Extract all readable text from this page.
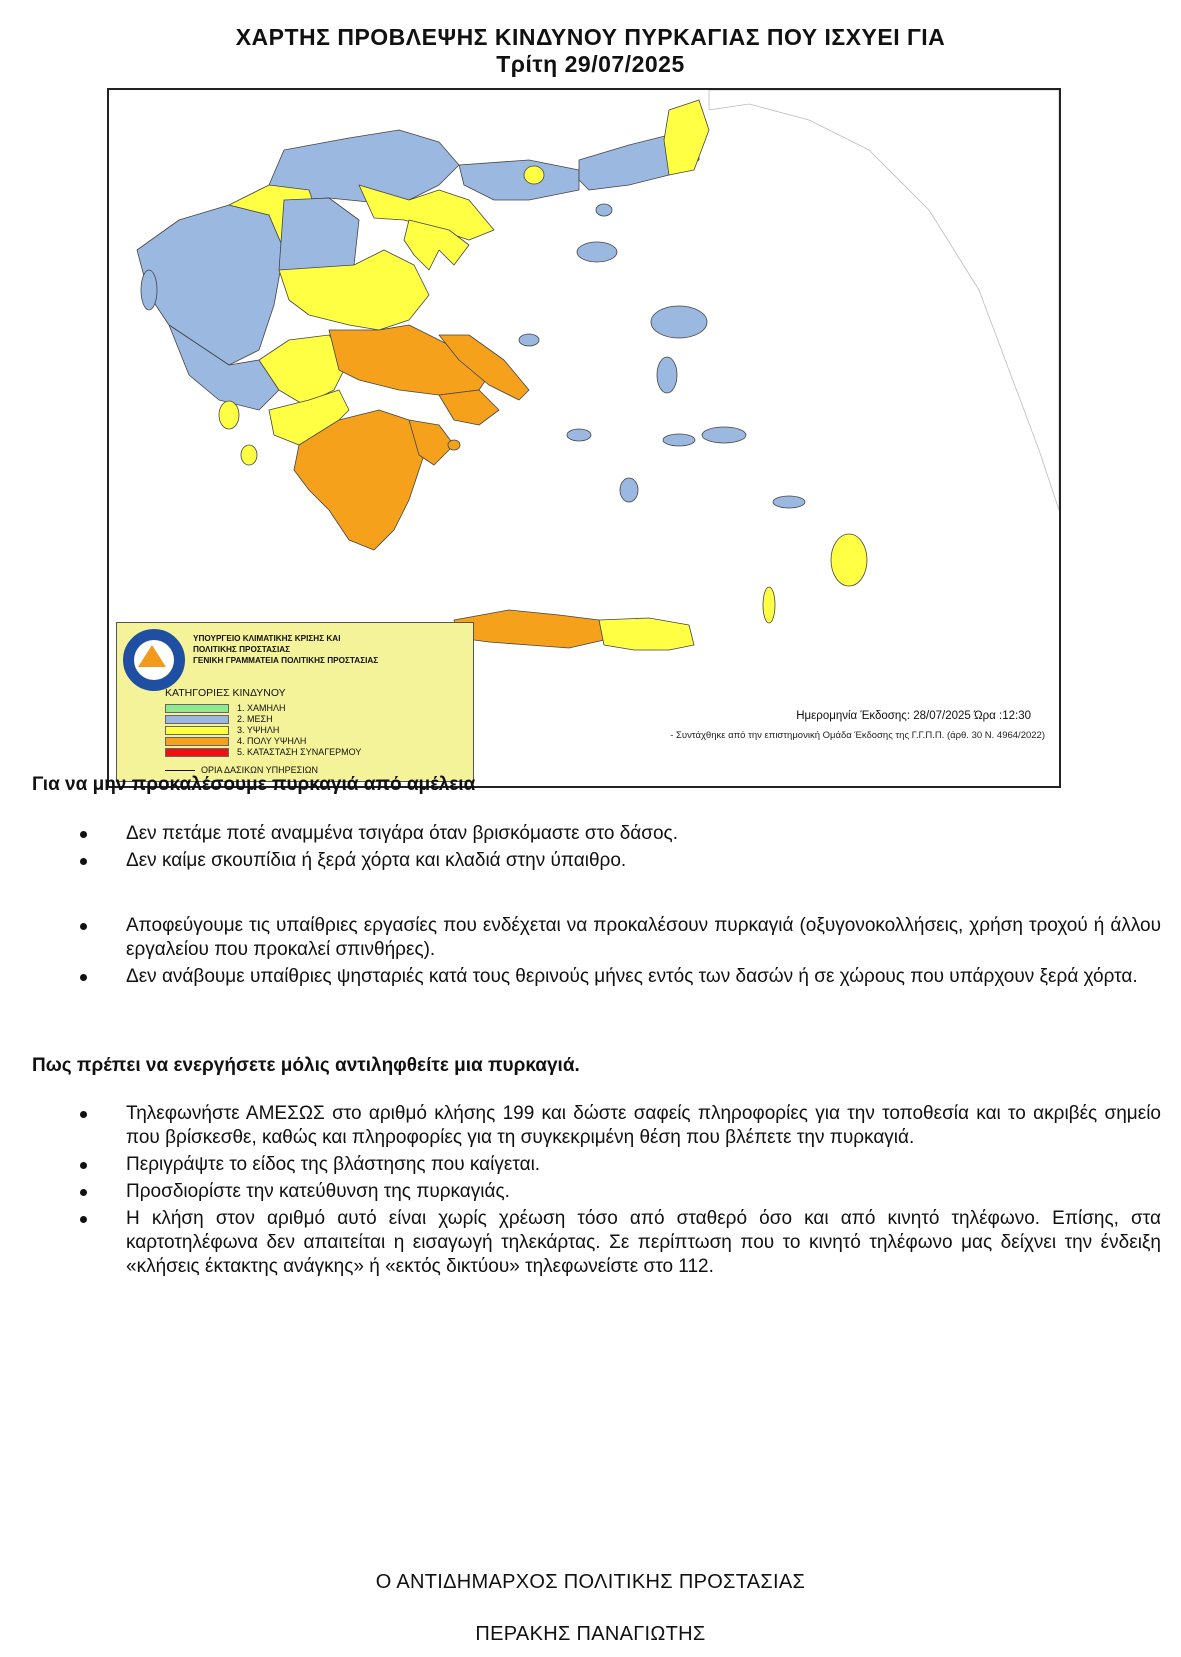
ΧΑΡΤΗΣ ΠΡΟΒΛΕΨΗΣ ΚΙΝΔΥΝΟΥ ΠΥΡΚΑΓΙΑΣ ΠΟΥ ΙΣΧΥΕΙ ΓΙΑ
Τρίτη 29/07/2025
ΥΠΟΥΡΓΕΙΟ ΚΛΙΜΑΤΙΚΗΣ ΚΡΙΣΗΣ ΚΑΙ
ΠΟΛΙΤΙΚΗΣ ΠΡΟΣΤΑΣΙΑΣ
ΓΕΝΙΚΗ ΓΡΑΜΜΑΤΕΙΑ ΠΟΛΙΤΙΚΗΣ ΠΡΟΣΤΑΣΙΑΣ
ΚΑΤΗΓΟΡΙΕΣ ΚΙΝΔΥΝΟΥ
1. ΧΑΜΗΛΗ
2. ΜΕΣΗ
3. ΥΨΗΛΗ
4. ΠΟΛΥ ΥΨΗΛΗ
5. ΚΑΤΑΣΤΑΣΗ ΣΥΝΑΓΕΡΜΟΥ
ΟΡΙΑ ΔΑΣΙΚΩΝ ΥΠΗΡΕΣΙΩΝ
Ημερομηνία Έκδοσης: 28/07/2025 Ώρα :12:30
- Συντάχθηκε από την επιστημονική Ομάδα Έκδοσης της Γ.Γ.Π.Π. (άρθ. 30 Ν. 4964/2022)
Για να μην προκαλέσουμε πυρκαγιά από αμέλεια
Δεν πετάμε ποτέ αναμμένα τσιγάρα όταν βρισκόμαστε στο δάσος.
Δεν καίμε σκουπίδια ή ξερά χόρτα και κλαδιά στην ύπαιθρο.
Αποφεύγουμε τις υπαίθριες εργασίες που ενδέχεται να προκαλέσουν πυρκαγιά (οξυγονοκολλήσεις, χρήση τροχού ή άλλου εργαλείου που προκαλεί σπινθήρες).
Δεν ανάβουμε υπαίθριες ψησταριές κατά τους θερινούς μήνες εντός των δασών ή σε χώρους που υπάρχουν ξερά χόρτα.
Πως πρέπει να ενεργήσετε μόλις αντιληφθείτε μια πυρκαγιά.
Τηλεφωνήστε ΑΜΕΣΩΣ στο αριθμό κλήσης 199 και δώστε σαφείς πληροφορίες για την τοποθεσία και το ακριβές σημείο που βρίσκεσθε, καθώς και πληροφορίες για τη συγκεκριμένη θέση που βλέπετε την πυρκαγιά.
Περιγράψτε το είδος της βλάστησης που καίγεται.
Προσδιορίστε την κατεύθυνση της πυρκαγιάς.
Η κλήση στον αριθμό αυτό είναι χωρίς χρέωση τόσο από σταθερό όσο και από κινητό τηλέφωνο. Επίσης, στα καρτοτηλέφωνα δεν απαιτείται η εισαγωγή τηλεκάρτας. Σε περίπτωση που το κινητό τηλέφωνο μας δείχνει την ένδειξη «κλήσεις έκτακτης ανάγκης» ή «εκτός δικτύου» τηλεφωνείστε στο 112.
Ο ΑΝΤΙΔΗΜΑΡΧΟΣ ΠΟΛΙΤΙΚΗΣ ΠΡΟΣΤΑΣΙΑΣ
ΠΕΡΑΚΗΣ ΠΑΝΑΓΙΩΤΗΣ
